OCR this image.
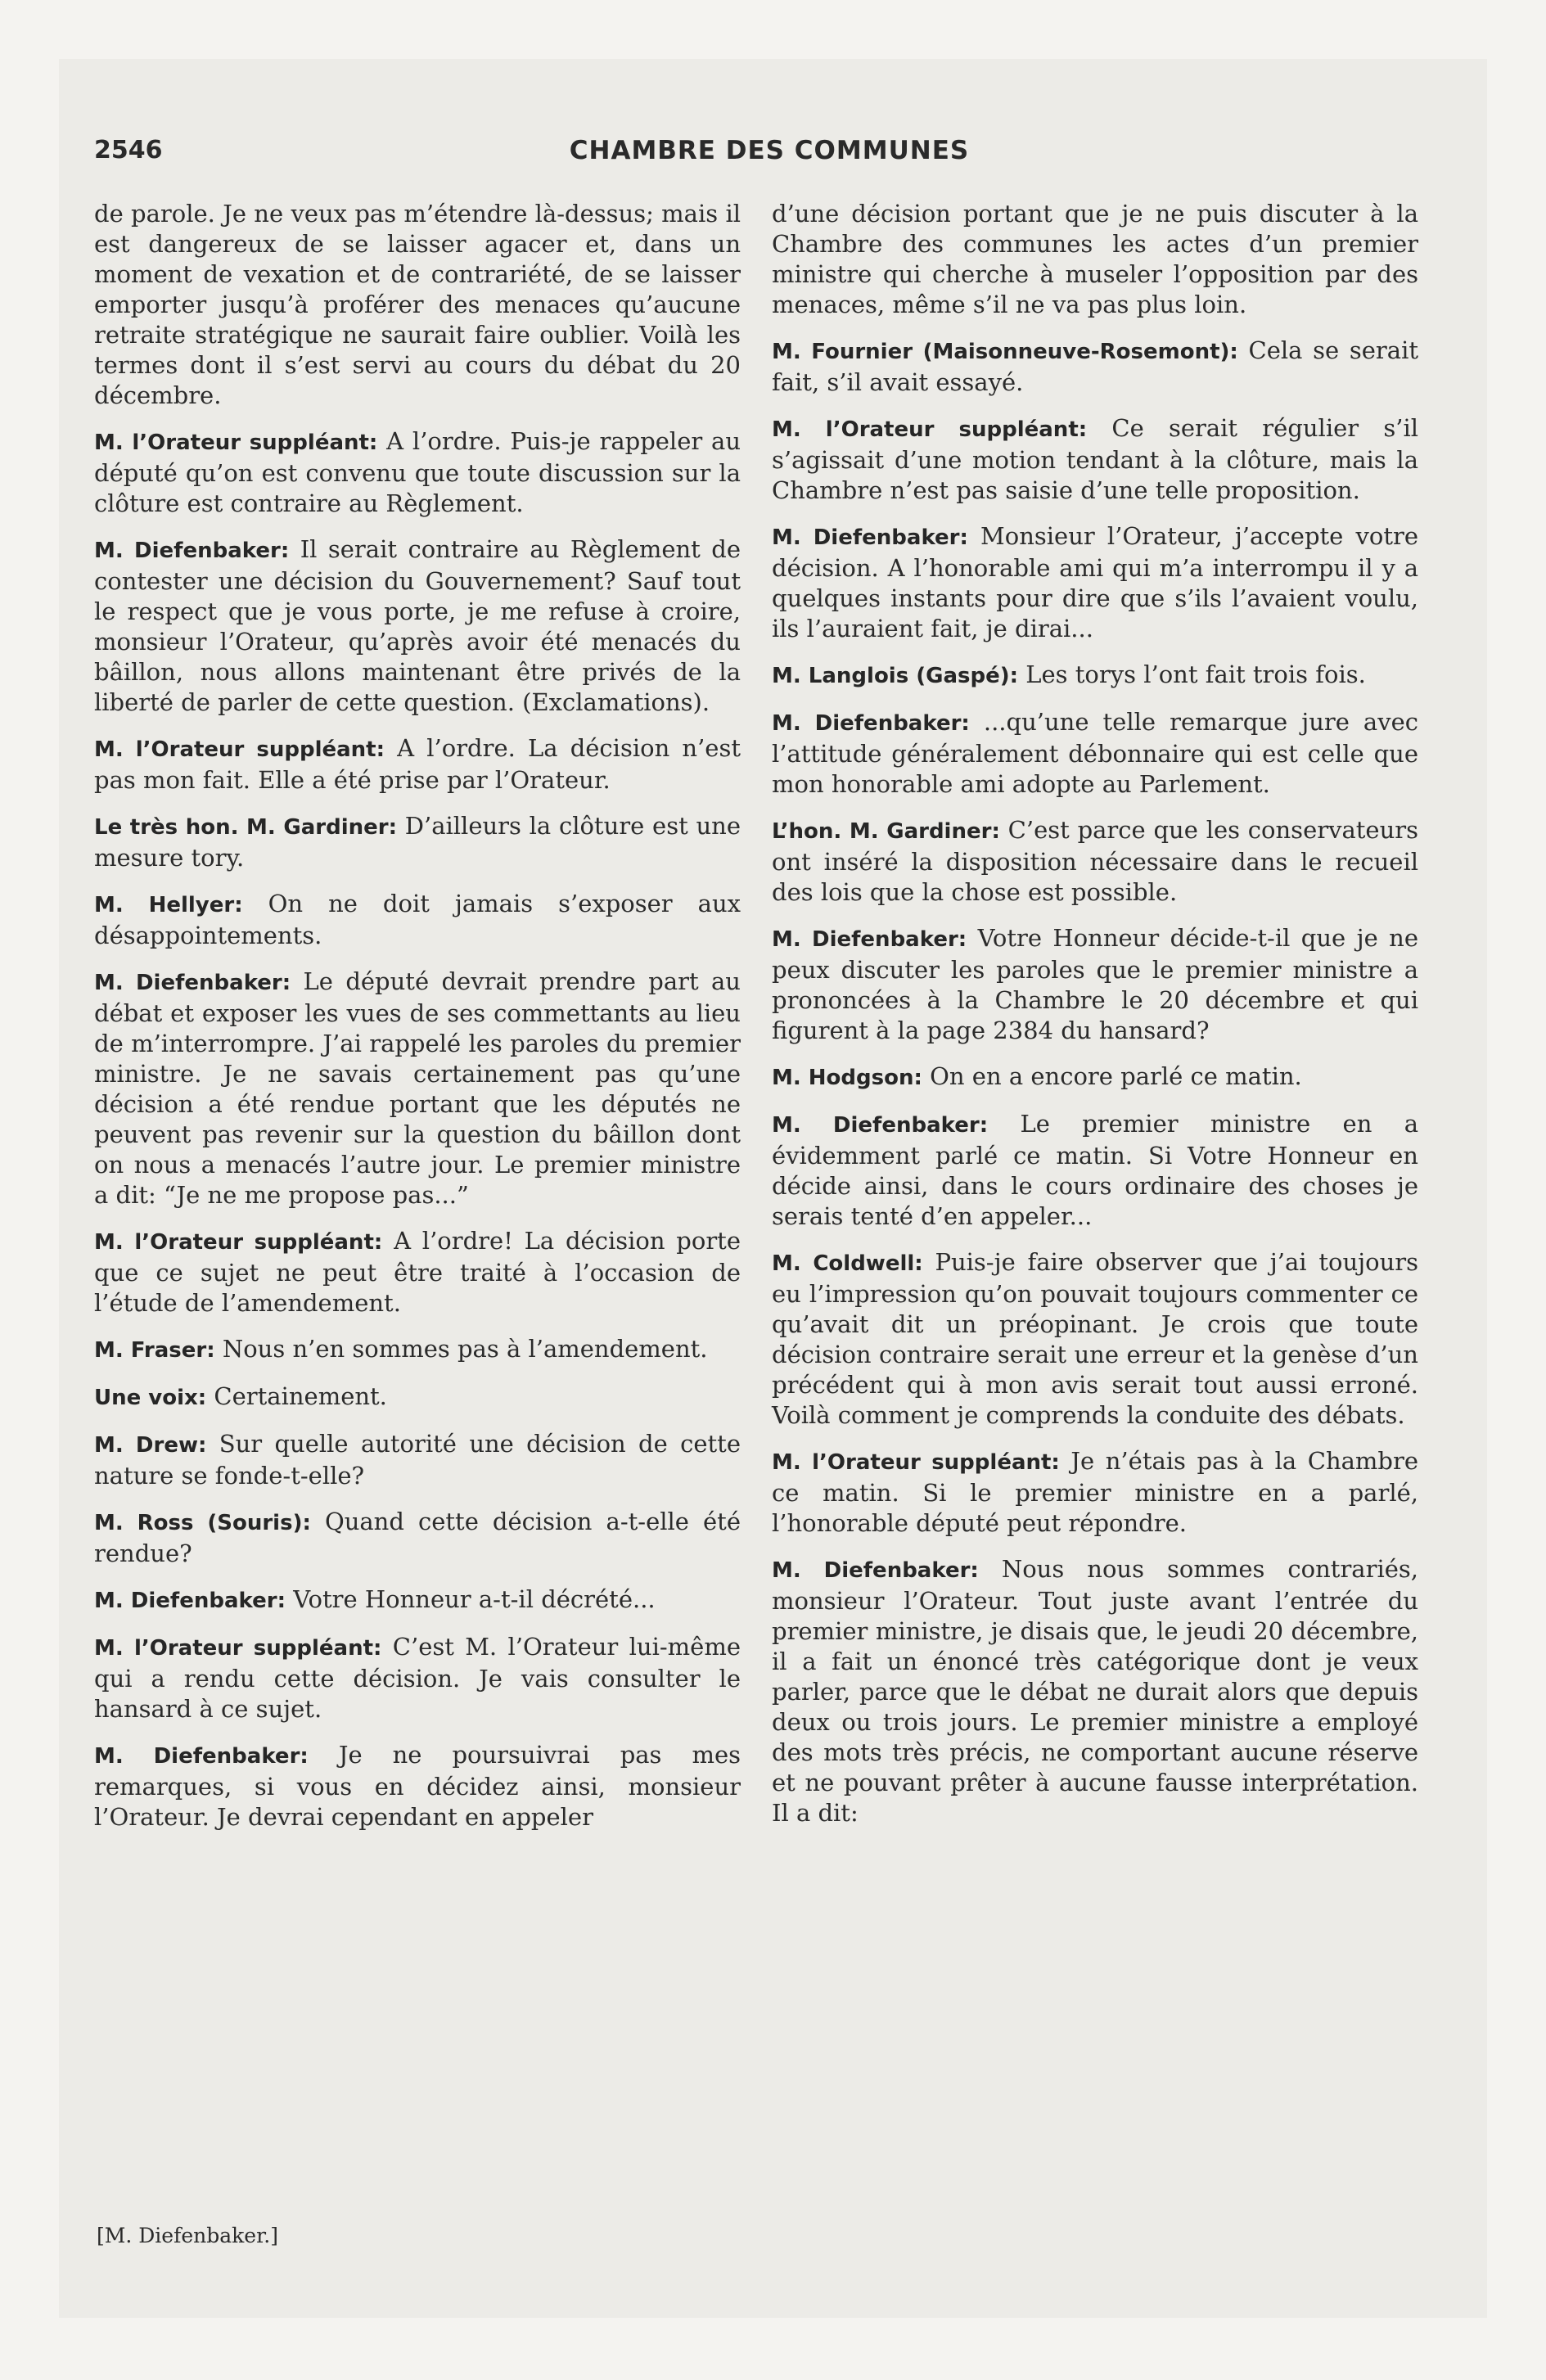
2546	CHAMBRE DES COMMUNES

de parole. Je ne veux pas m’étendre là-dessus; mais il est dangereux de se laisser agacer et, dans un moment de vexation et de contrariété, de se laisser emporter jusqu’à proférer des menaces qu’aucune retraite stratégique ne saurait faire oublier. Voilà les termes dont il s’est servi au cours du débat du 20 décembre.

M. l’Orateur suppléant: A l’ordre. Puis-je rappeler au député qu’on est convenu que toute discussion sur la clôture est contraire au Règlement.

M. Diefenbaker: Il serait contraire au Règlement de contester une décision du Gouvernement? Sauf tout le respect que je vous porte, je me refuse à croire, monsieur l’Orateur, qu’après avoir été menacés du bâillon, nous allons maintenant être privés de la liberté de parler de cette question. (Exclamations).

M. l’Orateur suppléant: A l’ordre. La décision n’est pas mon fait. Elle a été prise par l’Orateur.

Le très hon. M. Gardiner: D’ailleurs la clôture est une mesure tory.

M. Hellyer: On ne doit jamais s’exposer aux désappointements.

M. Diefenbaker: Le député devrait prendre part au débat et exposer les vues de ses commettants au lieu de m’interrompre. J’ai rappelé les paroles du premier ministre. Je ne savais certainement pas qu’une décision a été rendue portant que les députés ne peuvent pas revenir sur la question du bâillon dont on nous a menacés l’autre jour. Le premier ministre a dit: “Je ne me propose pas...”

M. l’Orateur suppléant: A l’ordre! La décision porte que ce sujet ne peut être traité à l’occasion de l’étude de l’amendement.

M. Fraser: Nous n’en sommes pas à l’amendement.

Une voix: Certainement.

M. Drew: Sur quelle autorité une décision de cette nature se fonde-t-elle?

M. Ross (Souris): Quand cette décision a-t-elle été rendue?

M. Diefenbaker: Votre Honneur a-t-il décrété...

M. l’Orateur suppléant: C’est M. l’Orateur lui-même qui a rendu cette décision. Je vais consulter le hansard à ce sujet.

M. Diefenbaker: Je ne poursuivrai pas mes remarques, si vous en décidez ainsi, monsieur l’Orateur. Je devrai cependant en appeler

d’une décision portant que je ne puis discuter à la Chambre des communes les actes d’un premier ministre qui cherche à museler l’opposition par des menaces, même s’il ne va pas plus loin.

M. Fournier (Maisonneuve-Rosemont): Cela se serait fait, s’il avait essayé.

M. l’Orateur suppléant: Ce serait régulier s’il s’agissait d’une motion tendant à la clôture, mais la Chambre n’est pas saisie d’une telle proposition.

M. Diefenbaker: Monsieur l’Orateur, j’accepte votre décision. A l’honorable ami qui m’a interrompu il y a quelques instants pour dire que s’ils l’avaient voulu, ils l’auraient fait, je dirai...

M. Langlois (Gaspé): Les torys l’ont fait trois fois.

M. Diefenbaker: ...qu’une telle remarque jure avec l’attitude généralement débonnaire qui est celle que mon honorable ami adopte au Parlement.

L’hon. M. Gardiner: C’est parce que les conservateurs ont inséré la disposition nécessaire dans le recueil des lois que la chose est possible.

M. Diefenbaker: Votre Honneur décide-t-il que je ne peux discuter les paroles que le premier ministre a prononcées à la Chambre le 20 décembre et qui figurent à la page 2384 du hansard?

M. Hodgson: On en a encore parlé ce matin.

M. Diefenbaker: Le premier ministre en a évidemment parlé ce matin. Si Votre Honneur en décide ainsi, dans le cours ordinaire des choses je serais tenté d’en appeler...

M. Coldwell: Puis-je faire observer que j’ai toujours eu l’impression qu’on pouvait toujours commenter ce qu’avait dit un préopinant. Je crois que toute décision contraire serait une erreur et la genèse d’un précédent qui à mon avis serait tout aussi erroné. Voilà comment je comprends la conduite des débats.

M. l’Orateur suppléant: Je n’étais pas à la Chambre ce matin. Si le premier ministre en a parlé, l’honorable député peut répondre.

M. Diefenbaker: Nous nous sommes contrariés, monsieur l’Orateur. Tout juste avant l’entrée du premier ministre, je disais que, le jeudi 20 décembre, il a fait un énoncé très catégorique dont je veux parler, parce que le débat ne durait alors que depuis deux ou trois jours. Le premier ministre a employé des mots très précis, ne comportant aucune réserve et ne pouvant prêter à aucune fausse interprétation. Il a dit:

[M. Diefenbaker.]
